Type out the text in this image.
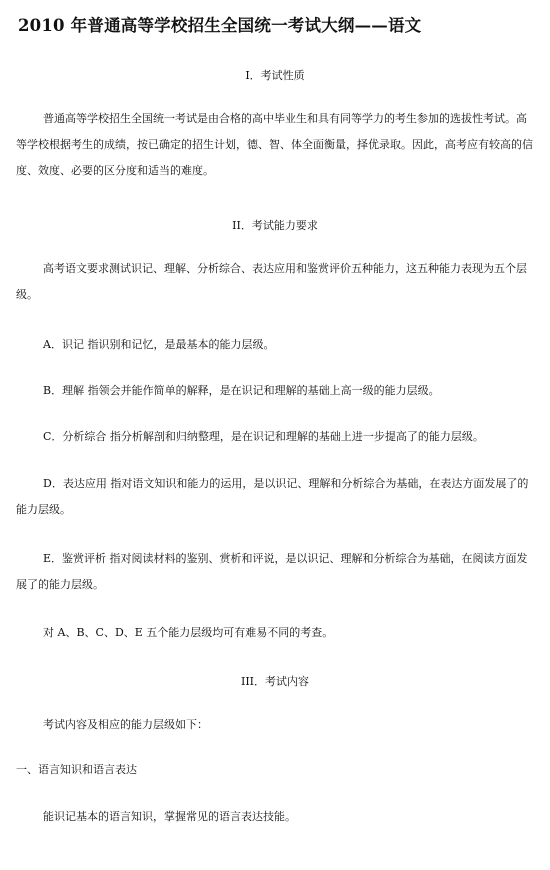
2010 年普通高等学校招生全国统一考试大纲——语文

I．考试性质

普通高等学校招生全国统一考试是由合格的高中毕业生和具有同等学力的考生参加的选拔性考试。高等学校根据考生的成绩，按已确定的招生计划，德、智、体全面衡量，择优录取。因此，高考应有较高的信度、效度、必要的区分度和适当的难度。

II．考试能力要求

高考语文要求测试识记、理解、分析综合、表达应用和鉴赏评价五种能力，这五种能力表现为五个层级。

A．识记 指识别和记忆，是最基本的能力层级。

B．理解 指领会并能作简单的解释，是在识记和理解的基础上高一级的能力层级。

C．分析综合 指分析解剖和归纳整理，是在识记和理解的基础上进一步提高了的能力层级。

D．表达应用 指对语文知识和能力的运用，是以识记、理解和分析综合为基础，在表达方面发展了的能力层级。

E．鉴赏评析 指对阅读材料的鉴别、赏析和评说，是以识记、理解和分析综合为基础，在阅读方面发展了的能力层级。

对 A、B、C、D、E 五个能力层级均可有难易不同的考查。

III．考试内容

考试内容及相应的能力层级如下：

一、语言知识和语言表达

能识记基本的语言知识，掌握常见的语言表达技能。
